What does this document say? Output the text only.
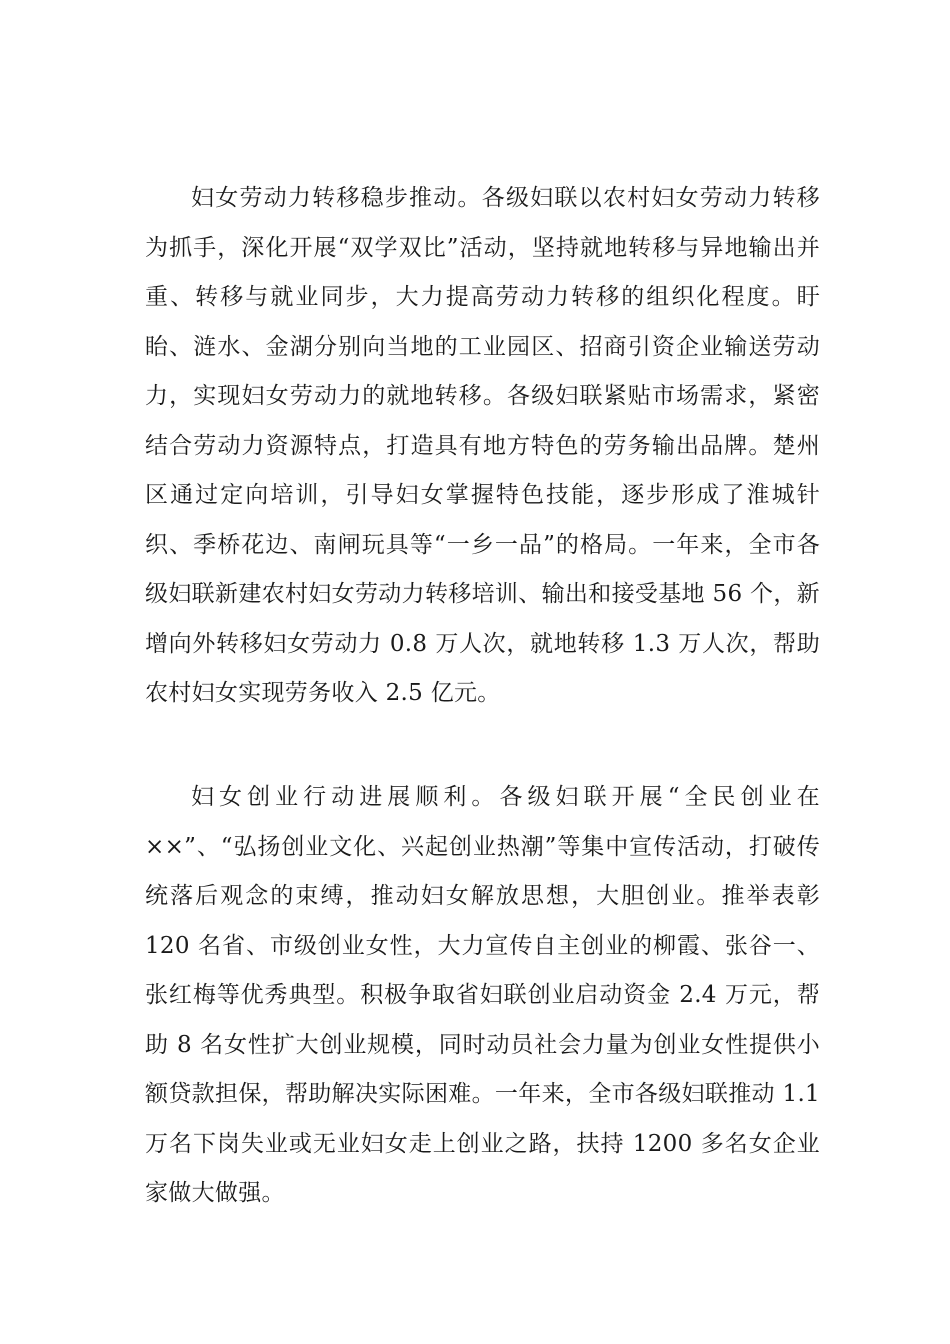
妇女劳动力转移稳步推动。各级妇联以农村妇女劳动力转移为抓手，深化开展“双学双比”活动，坚持就地转移与异地输出并重、转移与就业同步，大力提高劳动力转移的组织化程度。盱眙、涟水、金湖分别向当地的工业园区、招商引资企业输送劳动力，实现妇女劳动力的就地转移。各级妇联紧贴市场需求，紧密结合劳动力资源特点，打造具有地方特色的劳务输出品牌。楚州区通过定向培训，引导妇女掌握特色技能，逐步形成了淮城针织、季桥花边、南闸玩具等“一乡一品”的格局。一年来，全市各级妇联新建农村妇女劳动力转移培训、输出和接受基地 56 个，新增向外转移妇女劳动力 0.8 万人次，就地转移 1.3 万人次，帮助农村妇女实现劳务收入 2.5 亿元。

妇女创业行动进展顺利。各级妇联开展“全民创业在××”、“弘扬创业文化、兴起创业热潮”等集中宣传活动，打破传统落后观念的束缚，推动妇女解放思想，大胆创业。推举表彰 120 名省、市级创业女性，大力宣传自主创业的柳霞、张谷一、张红梅等优秀典型。积极争取省妇联创业启动资金 2.4 万元，帮助 8 名女性扩大创业规模，同时动员社会力量为创业女性提供小额贷款担保，帮助解决实际困难。一年来，全市各级妇联推动 1.1 万名下岗失业或无业妇女走上创业之路，扶持 1200 多名女企业家做大做强。
